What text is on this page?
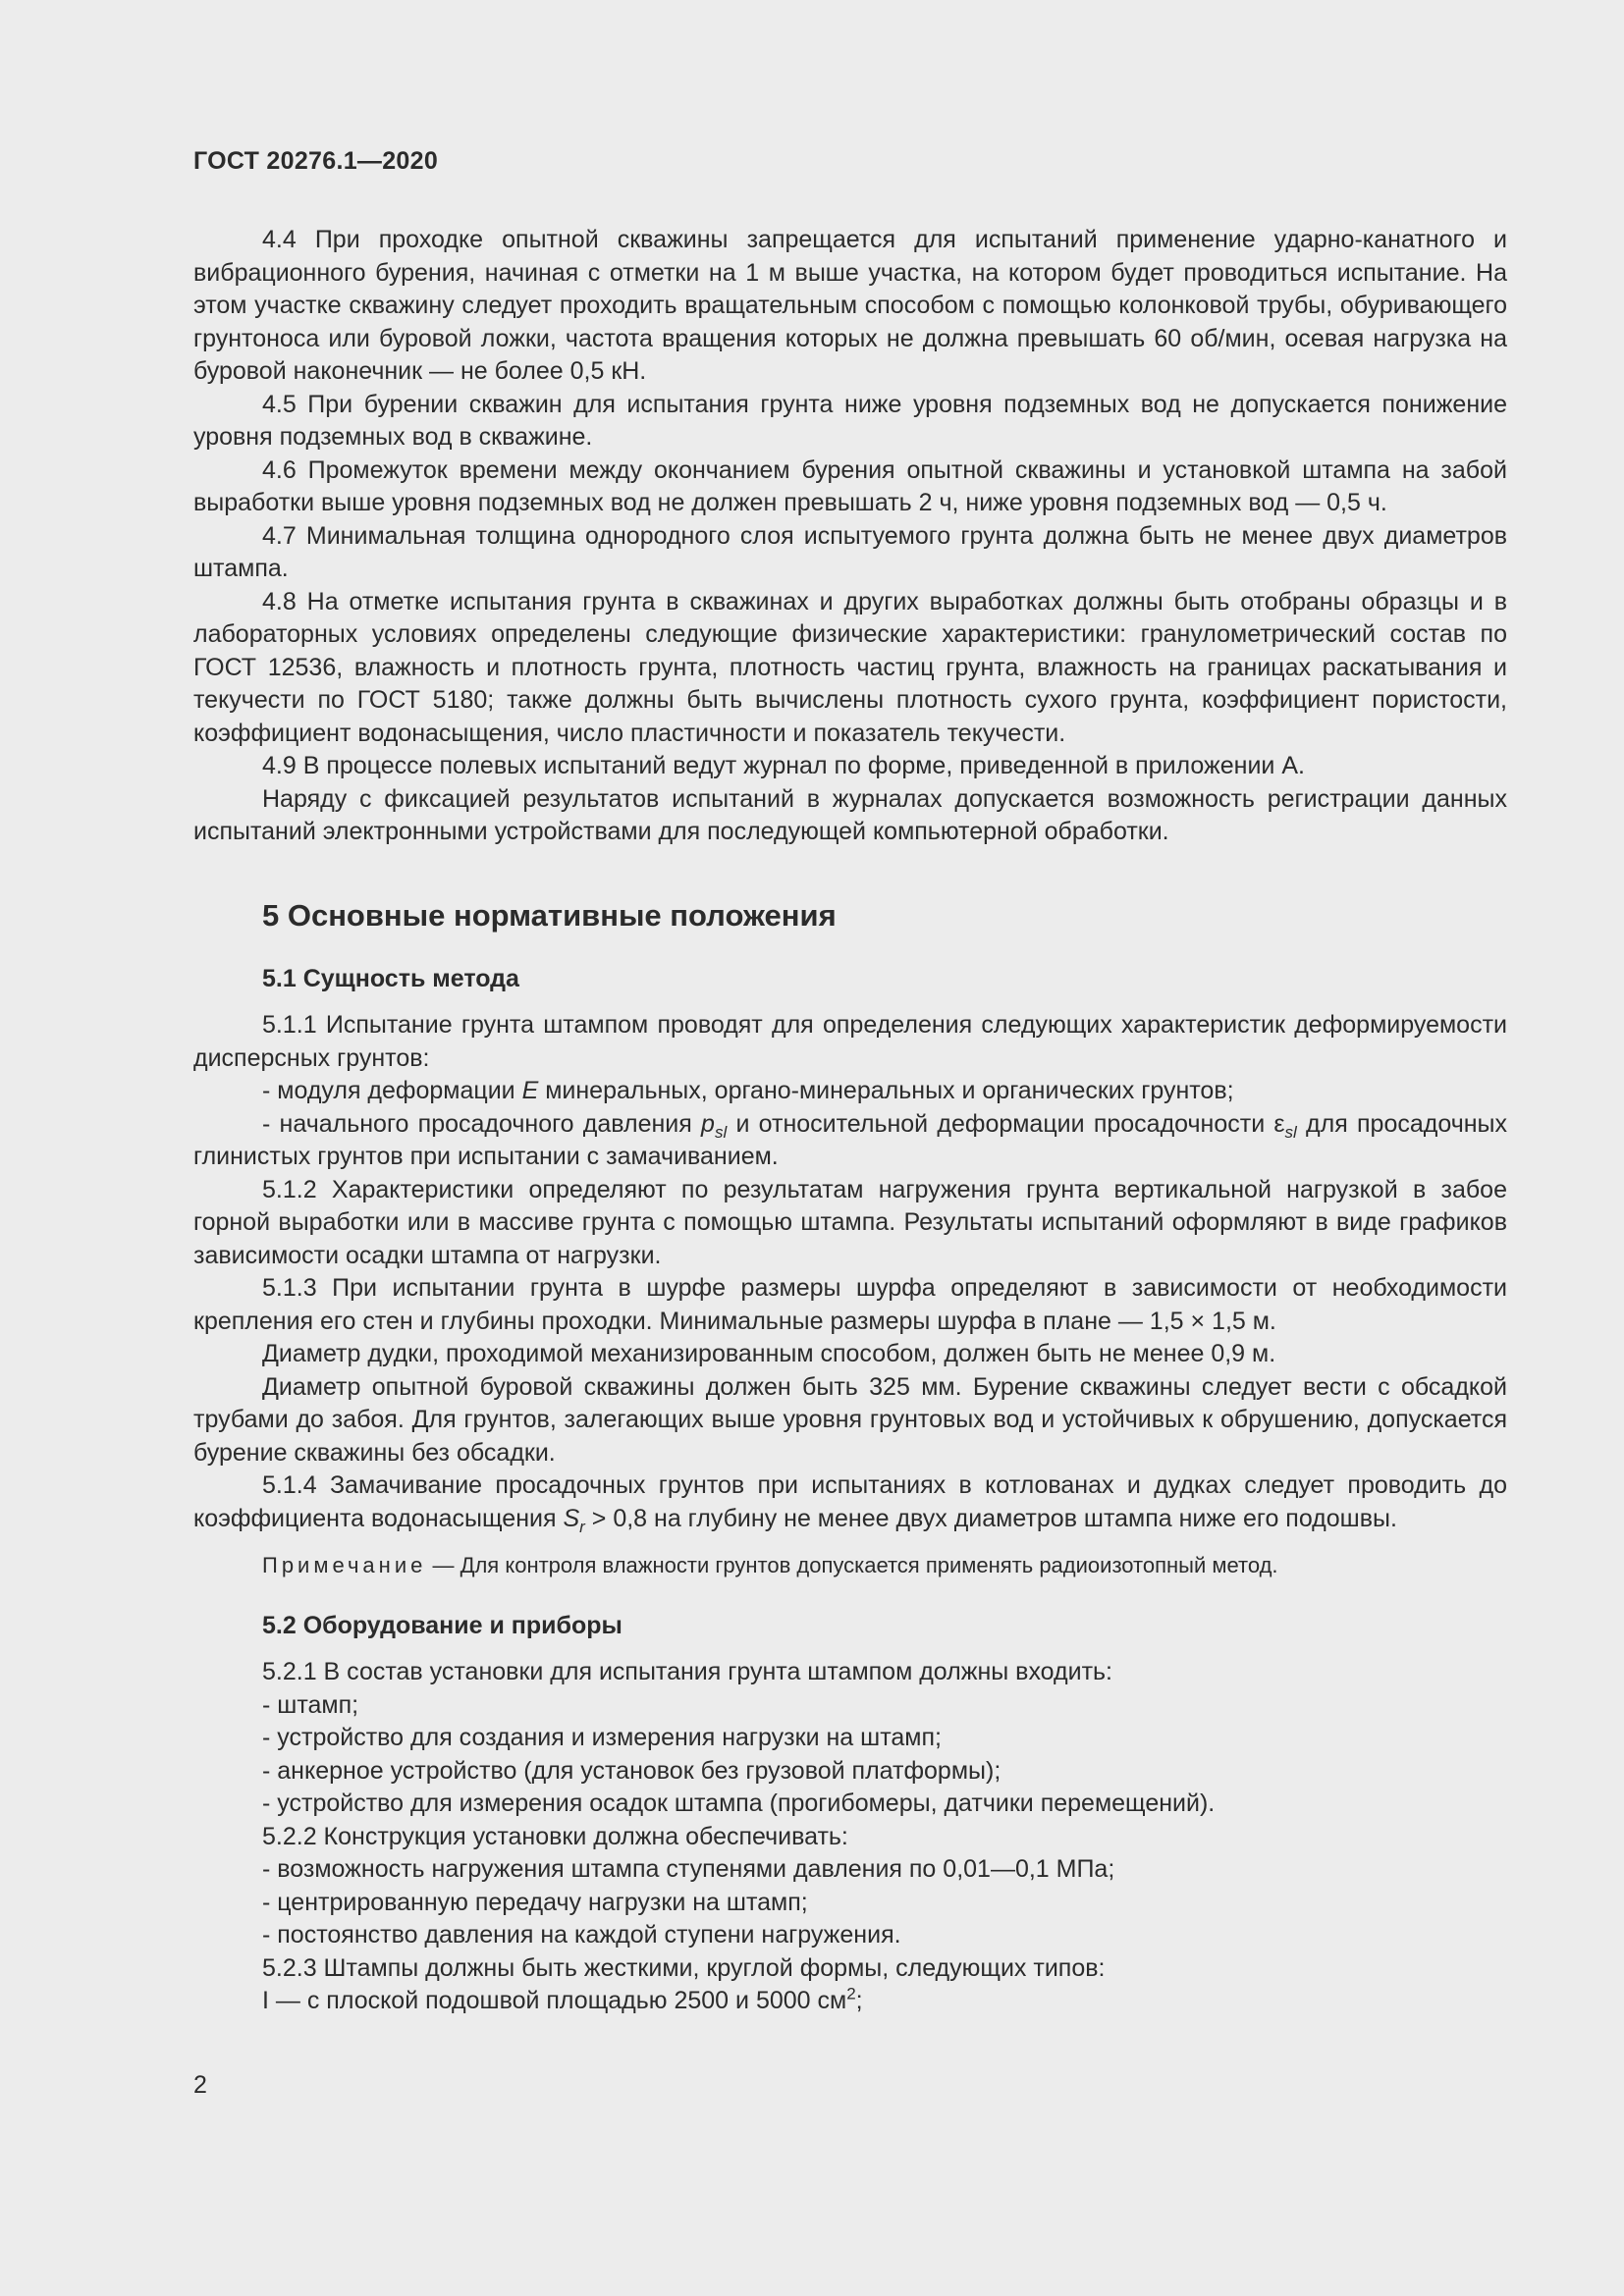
ГОСТ 20276.1—2020

4.4 При проходке опытной скважины запрещается для испытаний применение ударно-канатного и вибрационного бурения, начиная с отметки на 1 м выше участка, на котором будет проводиться испытание. На этом участке скважину следует проходить вращательным способом с помощью колонковой трубы, обуривающего грунтоноса или буровой ложки, частота вращения которых не должна превышать 60 об/мин, осевая нагрузка на буровой наконечник — не более 0,5 кН.

4.5 При бурении скважин для испытания грунта ниже уровня подземных вод не допускается понижение уровня подземных вод в скважине.

4.6 Промежуток времени между окончанием бурения опытной скважины и установкой штампа на забой выработки выше уровня подземных вод не должен превышать 2 ч, ниже уровня подземных вод — 0,5 ч.

4.7 Минимальная толщина однородного слоя испытуемого грунта должна быть не менее двух диаметров штампа.

4.8 На отметке испытания грунта в скважинах и других выработках должны быть отобраны образцы и в лабораторных условиях определены следующие физические характеристики: гранулометрический состав по ГОСТ 12536, влажность и плотность грунта, плотность частиц грунта, влажность на границах раскатывания и текучести по ГОСТ 5180; также должны быть вычислены плотность сухого грунта, коэффициент пористости, коэффициент водонасыщения, число пластичности и показатель текучести.

4.9 В процессе полевых испытаний ведут журнал по форме, приведенной в приложении А.

Наряду с фиксацией результатов испытаний в журналах допускается возможность регистрации данных испытаний электронными устройствами для последующей компьютерной обработки.

5 Основные нормативные положения
5.1 Сущность метода

5.1.1 Испытание грунта штампом проводят для определения следующих характеристик деформируемости дисперсных грунтов:

- модуля деформации E минеральных, органо-минеральных и органических грунтов;

- начального просадочного давления $p_{sl}$ и относительной деформации просадочности $\varepsilon_{sl}$ для просадочных глинистых грунтов при испытании с замачиванием.

5.1.2 Характеристики определяют по результатам нагружения грунта вертикальной нагрузкой в забое горной выработки или в массиве грунта с помощью штампа. Результаты испытаний оформляют в виде графиков зависимости осадки штампа от нагрузки.

5.1.3 При испытании грунта в шурфе размеры шурфа определяют в зависимости от необходимости крепления его стен и глубины проходки. Минимальные размеры шурфа в плане — 1,5 × 1,5 м.

Диаметр дудки, проходимой механизированным способом, должен быть не менее 0,9 м.

Диаметр опытной буровой скважины должен быть 325 мм. Бурение скважины следует вести с обсадкой трубами до забоя. Для грунтов, залегающих выше уровня грунтовых вод и устойчивых к обрушению, допускается бурение скважины без обсадки.

5.1.4 Замачивание просадочных грунтов при испытаниях в котлованах и дудках следует проводить до коэффициента водонасыщения $S_r > 0,8$ на глубину не менее двух диаметров штампа ниже его подошвы.

Примечание — Для контроля влажности грунтов допускается применять радиоизотопный метод.
5.2 Оборудование и приборы

5.2.1 В состав установки для испытания грунта штампом должны входить:

- штамп;

- устройство для создания и измерения нагрузки на штамп;

- анкерное устройство (для установок без грузовой платформы);

- устройство для измерения осадок штампа (прогибомеры, датчики перемещений).

5.2.2 Конструкция установки должна обеспечивать:

- возможность нагружения штампа ступенями давления по 0,01—0,1 МПа;

- центрированную передачу нагрузки на штамп;

- постоянство давления на каждой ступени нагружения.

5.2.3 Штампы должны быть жесткими, круглой формы, следующих типов:

I — с плоской подошвой площадью 2500 и 5000 $см^2$;

2
